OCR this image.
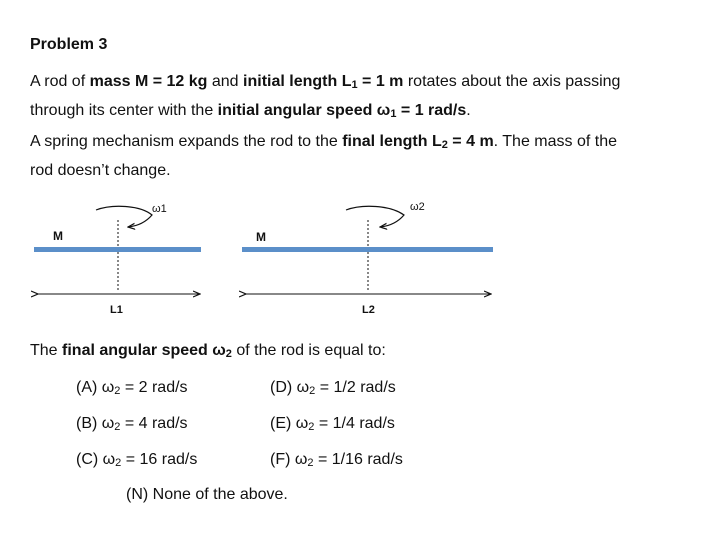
Problem 3
A rod of mass M = 12 kg and initial length $L_1 = 1$ m rotates about the axis passing
through its center with the initial angular speed $\omega_1 = 1$ rad/s.
A spring mechanism expands the rod to the final length $L_2 = 4$ m. The mass of the
rod doesn’t change.
ω1
M
L1
ω2
M
L2
The final angular speed $\omega_2$ of the rod is equal to:
(A) $\omega_2 = 2$ rad/s
(B) $\omega_2 = 4$ rad/s
(C) $\omega_2 = 16$ rad/s
(D) $\omega_2 = 1/2$ rad/s
(E) $\omega_2 = 1/4$ rad/s
(F) $\omega_2 = 1/16$ rad/s
(N) None of the above.
